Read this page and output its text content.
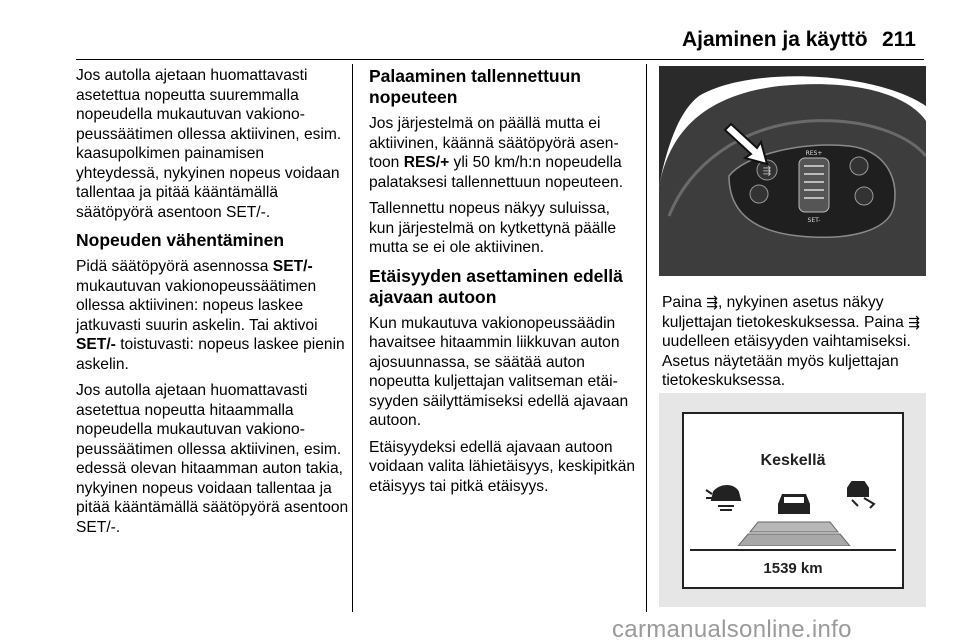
Ajaminen ja käyttö 211

Jos autolla ajetaan huomattavasti asetettua nopeutta suuremmalla nopeudella mukautuvan vakionopeussäätimen ollessa aktiivinen, esim. kaasupolkimen painamisen yhteydessä, nykyinen nopeus voidaan tallentaa ja pitää kääntämällä säätöpyörä asentoon SET/-.

Nopeuden vähentäminen

Pidä säätöpyörä asennossa SET/- mukautuvan vakionopeussäätimen ollessa aktiivinen: nopeus laskee jatkuvasti suurin askelin. Tai aktivoi SET/- toistuvasti: nopeus laskee pienin askelin.

Jos autolla ajetaan huomattavasti asetettua nopeutta hitaammalla nopeudella mukautuvan vakionopeussäätimen ollessa aktiivinen, esim. edessä olevan hitaamman auton takia, nykyinen nopeus voidaan tallentaa ja pitää kääntämällä säätöpyörä asentoon SET/-.

Palaaminen tallennettuun nopeuteen

Jos järjestelmä on päällä mutta ei aktiivinen, käännä säätöpyörä asentoon RES/+ yli 50 km/h:n nopeudella palataksesi tallennettuun nopeuteen.

Tallennettu nopeus näkyy suluissa, kun järjestelmä on kytkettynä päälle mutta se ei ole aktiivinen.

Etäisyyden asettaminen edellä ajavaan autoon

Kun mukautuva vakionopeussäädin havaitsee hitaammin liikkuvan auton ajosuunnassa, se säätää auton nopeutta kuljettajan valitseman etäisyyden säilyttämiseksi edellä ajavaan autoon.

Etäisyydeksi edellä ajavaan autoon voidaan valita lähietäisyys, keskipitkän etäisyys tai pitkä etäisyys.

⇶
RES+
SET-

Paina ⇶, nykyinen asetus näkyy kuljettajan tietokeskuksessa. Paina ⇶ uudelleen etäisyyden vaihtamiseksi. Asetus näytetään myös kuljettajan tietokeskuksessa.

Keskellä
1539 km
carmanualsonline.info
